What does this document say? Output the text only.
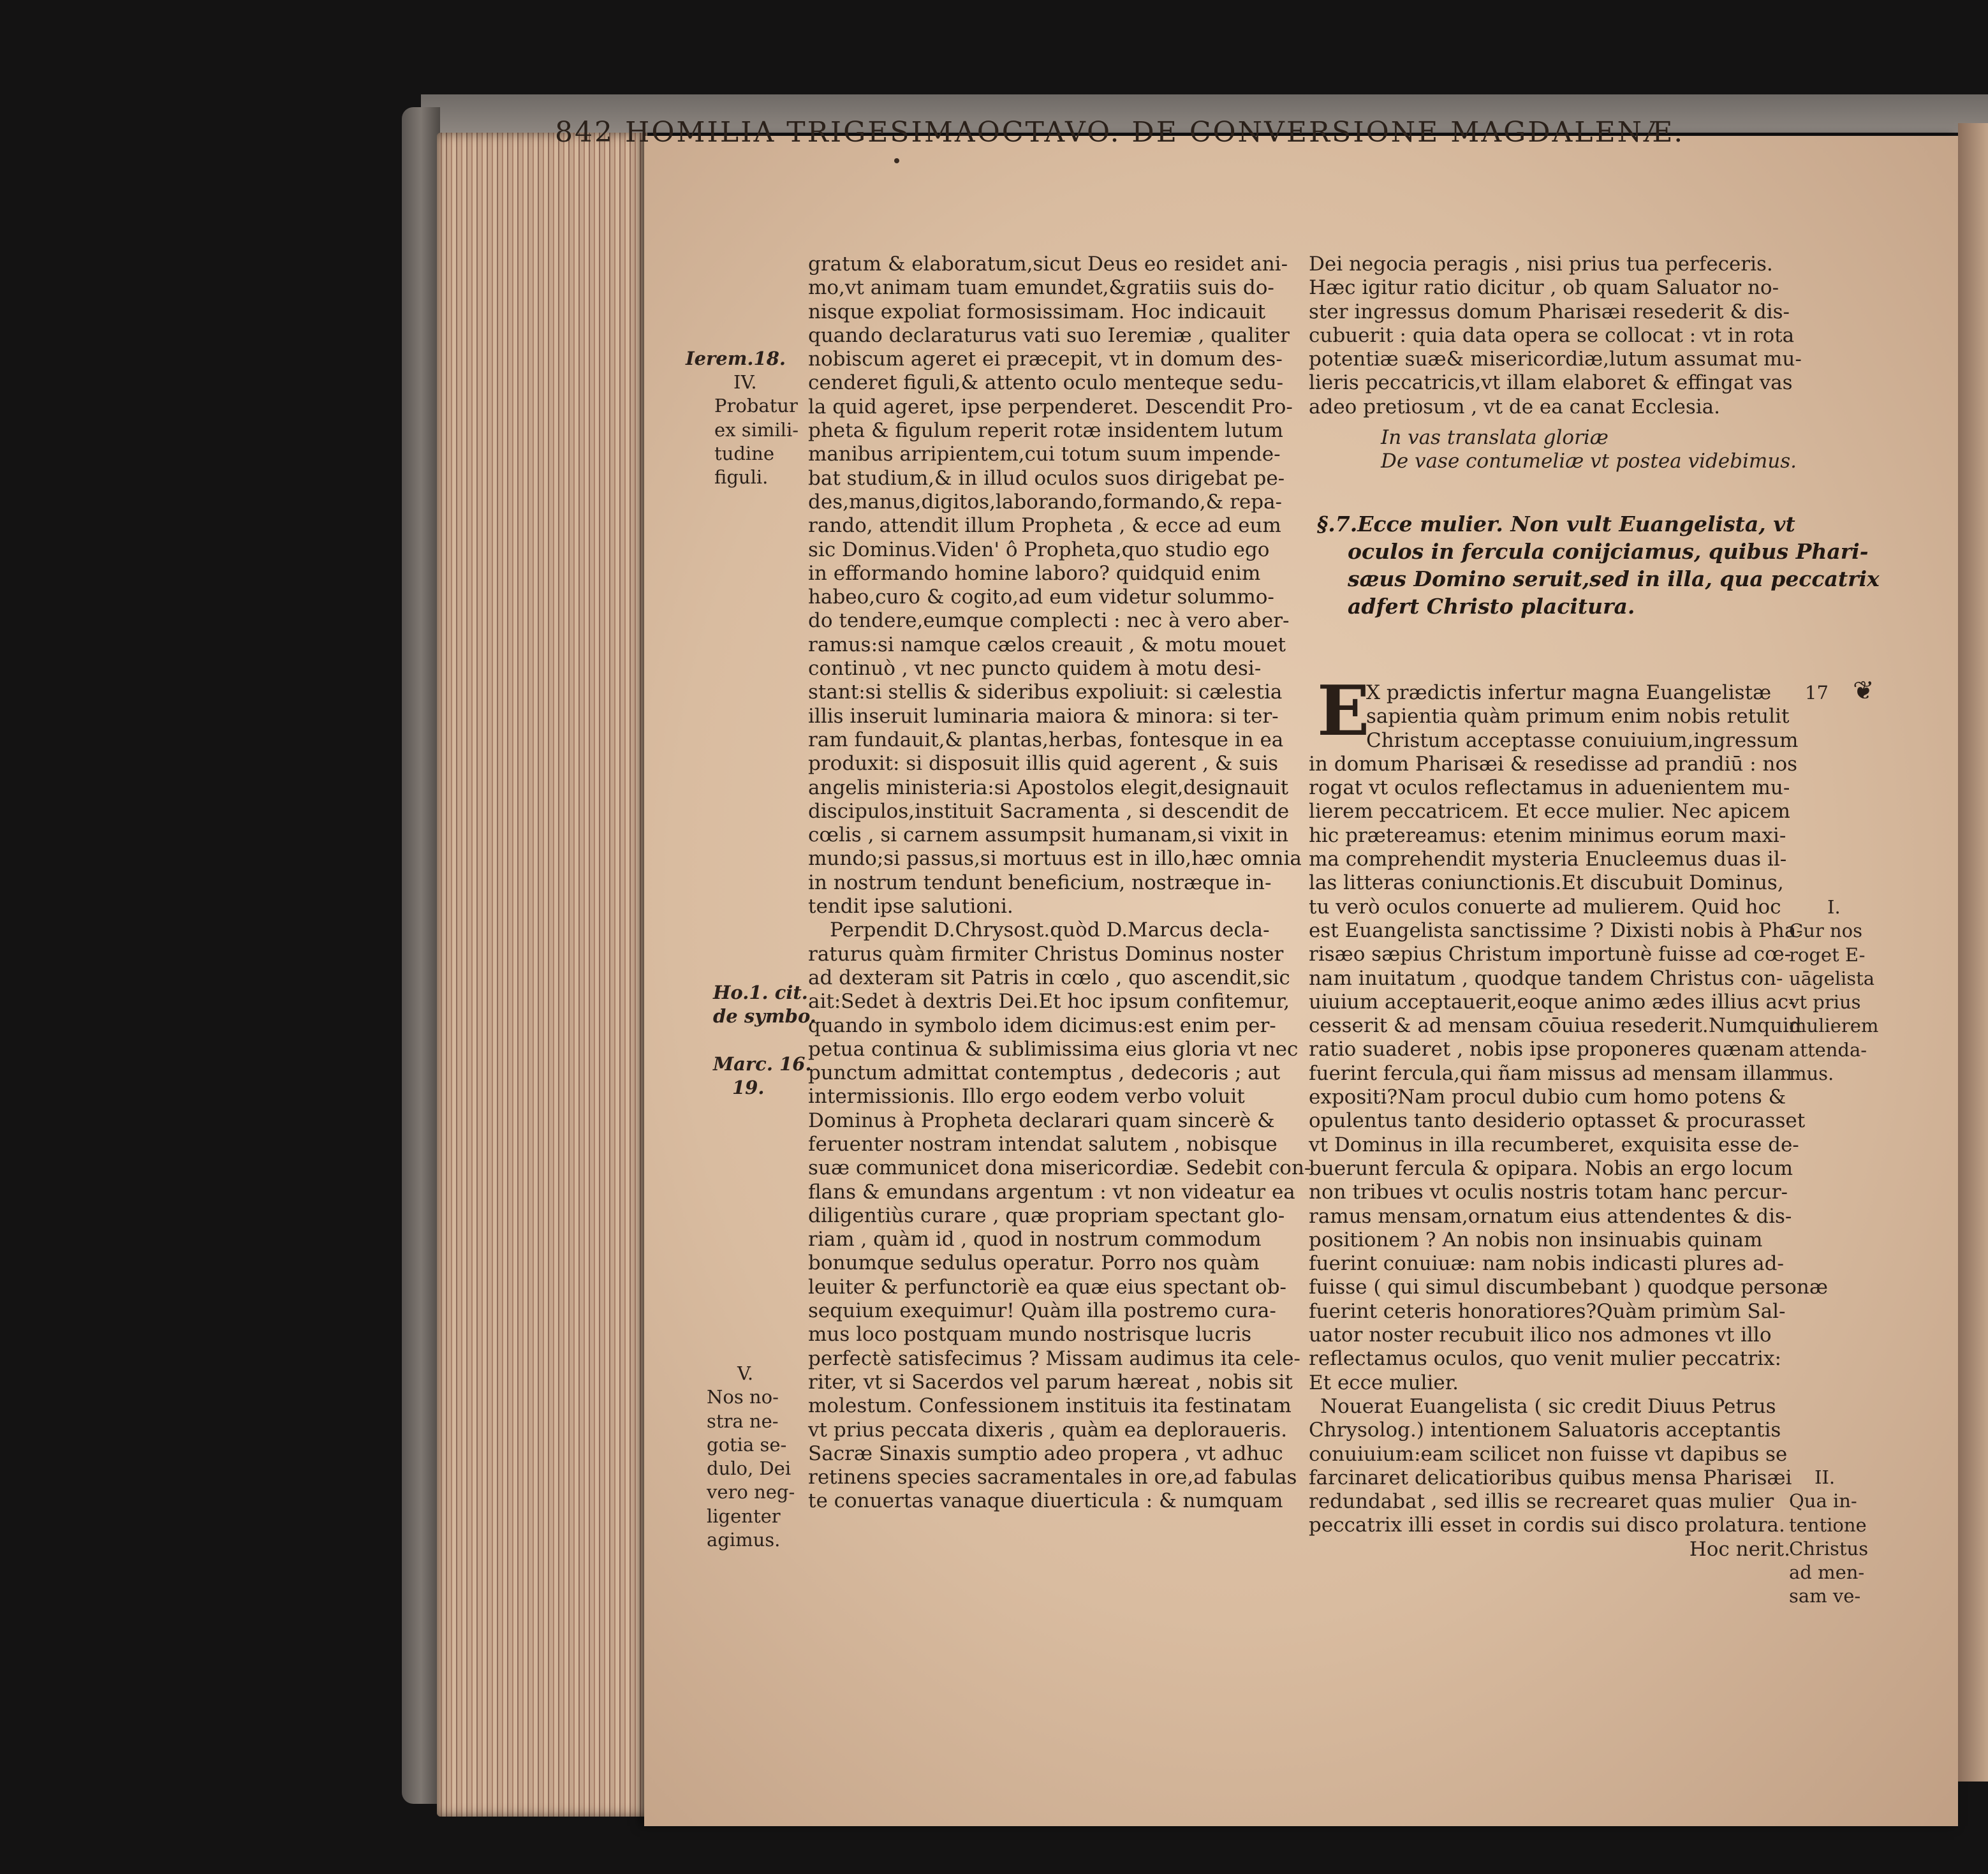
842 HOMILIA TRIGESIMAOCTAVO. DE CONVERSIONE MAGDALENÆ.
Ierem.18.
IV.
Probatur
ex simili-
tudine
figuli.
Ho.1. cit.
de symbo.
Marc. 16.
19.
V.
Nos no-
stra ne-
gotia se-
dulo, Dei
vero neg-
ligenter
agimus.
gratum & elaboratum,sicut Deus eo residet ani-
mo,vt animam tuam emundet,&gratiis suis do-
nisque expoliat formosissimam. Hoc indicauit
quando declaraturus vati suo Ieremiæ , qualiter
nobiscum ageret ei præcepit, vt in domum des-
cenderet figuli,& attento oculo menteque sedu-
la quid ageret, ipse perpenderet. Descendit Pro-
pheta & figulum reperit rotæ insidentem lutum
manibus arripientem,cui totum suum impende-
bat studium,& in illud oculos suos dirigebat pe-
des,manus,digitos,laborando,formando,& repa-
rando, attendit illum Propheta , & ecce ad eum
sic Dominus.Viden' ô Propheta,quo studio ego
in efformando homine laboro? quidquid enim
habeo,curo & cogito,ad eum videtur solummo-
do tendere,eumque complecti : nec à vero aber-
ramus:si namque cælos creauit , & motu mouet
continuò , vt nec puncto quidem à motu desi-
stant:si stellis & sideribus expoliuit: si cælestia
illis inseruit luminaria maiora & minora: si ter-
ram fundauit,& plantas,herbas, fontesque in ea
produxit: si disposuit illis quid agerent , & suis
angelis ministeria:si Apostolos elegit,designauit
discipulos,instituit Sacramenta , si descendit de
cœlis , si carnem assumpsit humanam,si vixit in
mundo;si passus,si mortuus est in illo,hæc omnia
in nostrum tendunt beneficium, nostræque in-
tendit ipse salutioni.
Perpendit D.Chrysost.quòd D.Marcus decla-
raturus quàm firmiter Christus Dominus noster
ad dexteram sit Patris in cœlo , quo ascendit,sic
ait:Sedet à dextris Dei.Et hoc ipsum confitemur,
quando in symbolo idem dicimus:est enim per-
petua continua & sublimissima eius gloria vt nec
punctum admittat contemptus , dedecoris ; aut
intermissionis. Illo ergo eodem verbo voluit
Dominus à Propheta declarari quam sincerè &
feruenter nostram intendat salutem , nobisque
suæ communicet dona misericordiæ. Sedebit con-
flans & emundans argentum : vt non videatur ea
diligentiùs curare , quæ propriam spectant glo-
riam , quàm id , quod in nostrum commodum
bonumque sedulus operatur. Porro nos quàm
leuiter & perfunctoriè ea quæ eius spectant ob-
sequium exequimur! Quàm illa postremo cura-
mus loco postquam mundo nostrisque lucris
perfectè satisfecimus ? Missam audimus ita cele-
riter, vt si Sacerdos vel parum hæreat , nobis sit
molestum. Confessionem instituis ita festinatam
vt prius peccata dixeris , quàm ea deploraueris.
Sacræ Sinaxis sumptio adeo propera , vt adhuc
retinens species sacramentales in ore,ad fabulas
te conuertas vanaque diuerticula : & numquam
Dei negocia peragis , nisi prius tua perfeceris.
Hæc igitur ratio dicitur , ob quam Saluator no-
ster ingressus domum Pharisæi resederit & dis-
cubuerit : quia data opera se collocat : vt in rota
potentiæ suæ& misericordiæ,lutum assumat mu-
lieris peccatricis,vt illam elaboret & effingat vas
adeo pretiosum , vt de ea canat Ecclesia.
In vas translata gloriæ
De vase contumeliæ vt postea videbimus.
§.7.Ecce mulier. Non vult Euangelista, vt
oculos in fercula conijciamus, quibus Phari-
sæus Domino seruit,sed in illa, qua peccatrix
adfert Christo placitura.
E	❦
X prædictis infertur magna Euangelistæ
sapientia quàm primum enim nobis retulit
Christum acceptasse conuiuium,ingressum
in domum Pharisæi & resedisse ad prandiū : nos
rogat vt oculos reflectamus in aduenientem mu-
lierem peccatricem. Et ecce mulier. Nec apicem
hic prætereamus: etenim minimus eorum maxi-
ma comprehendit mysteria Enucleemus duas il-
las litteras coniunctionis.Et discubuit Dominus,
tu verò oculos conuerte ad mulierem. Quid hoc
est Euangelista sanctissime ? Dixisti nobis à Pha-
risæo sæpius Christum importunè fuisse ad cœ-
nam inuitatum , quodque tandem Christus con-
uiuium acceptauerit,eoque animo ædes illius ac-
cesserit & ad mensam cōuiua resederit.Numquid
ratio suaderet , nobis ipse proponeres quænam
fuerint fercula,qui ñam missus ad mensam illam
expositi?Nam procul dubio cum homo potens &
opulentus tanto desiderio optasset & procurasset
vt Dominus in illa recumberet, exquisita esse de-
buerunt fercula & opipara. Nobis an ergo locum
non tribues vt oculis nostris totam hanc percur-
ramus mensam,ornatum eius attendentes & dis-
positionem ? An nobis non insinuabis quinam
fuerint conuiuæ: nam nobis indicasti plures ad-
fuisse ( qui simul discumbebant ) quodque personæ
fuerint ceteris honoratiores?Quàm primùm Sal-
uator noster recubuit ilico nos admones vt illo
reflectamus oculos, quo venit mulier peccatrix:
Et ecce mulier.
Nouerat Euangelista ( sic credit Diuus Petrus
Chrysolog.) intentionem Saluatoris acceptantis
conuiuium:eam scilicet non fuisse vt dapibus se
farcinaret delicatioribus quibus mensa Pharisæi
redundabat , sed illis se recrearet quas mulier
peccatrix illi esset in cordis sui disco prolatura.
Hoc nerit.
17
I.
Cur nos
roget E-
uāgelista
vt prius
mulierem
attenda-
mus.
II.
Qua in-
tentione
Christus
ad men-
sam ve-
